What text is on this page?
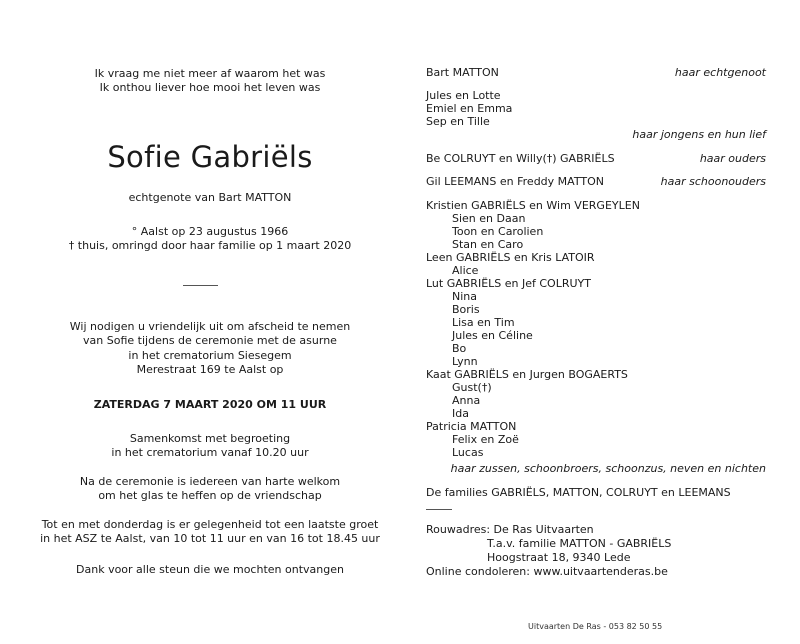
Ik vraag me niet meer af waarom het was
Ik onthou liever hoe mooi het leven was
Sofie Gabriëls
echtgenote van Bart MATTON
° Aalst op 23 augustus 1966
† thuis, omringd door haar familie op 1 maart 2020
Wij nodigen u vriendelijk uit om afscheid te nemen
van Sofie tijdens de ceremonie met de asurne
in het crematorium Siesegem
Merestraat 169 te Aalst op
ZATERDAG 7 MAART 2020 OM 11 UUR
Samenkomst met begroeting
in het crematorium vanaf 10.20 uur
Na de ceremonie is iedereen van harte welkom
om het glas te heffen op de vriendschap
Tot en met donderdag is er gelegenheid tot een laatste groet
in het ASZ te Aalst, van 10 tot 11 uur en van 16 tot 18.45 uur
Dank voor alle steun die we mochten ontvangen
Bart MATTON	haar echtgenoot
Jules en Lotte
Emiel en Emma
Sep en Tille
haar jongens en hun lief
Be COLRUYT en Willy(†) GABRIËLS	haar ouders
Gil LEEMANS en Freddy MATTON	haar schoonouders
Kristien GABRIËLS en Wim VERGEYLEN
Sien en Daan
Toon en Carolien
Stan en Caro
Leen GABRIËLS en Kris LATOIR
Alice
Lut GABRIËLS en Jef COLRUYT
Nina
Boris
Lisa en Tim
Jules en Céline
Bo
Lynn
Kaat GABRIËLS en Jurgen BOGAERTS
Gust(†)
Anna
Ida
Patricia MATTON
Felix en Zoë
Lucas
haar zussen, schoonbroers, schoonzus, neven en nichten
De families GABRIËLS, MATTON, COLRUYT en LEEMANS
Rouwadres: De Ras Uitvaarten
T.a.v. familie MATTON - GABRIËLS
Hoogstraat 18, 9340 Lede
Online condoleren: www.uitvaartenderas.be
Uitvaarten De Ras - 053 82 50 55
